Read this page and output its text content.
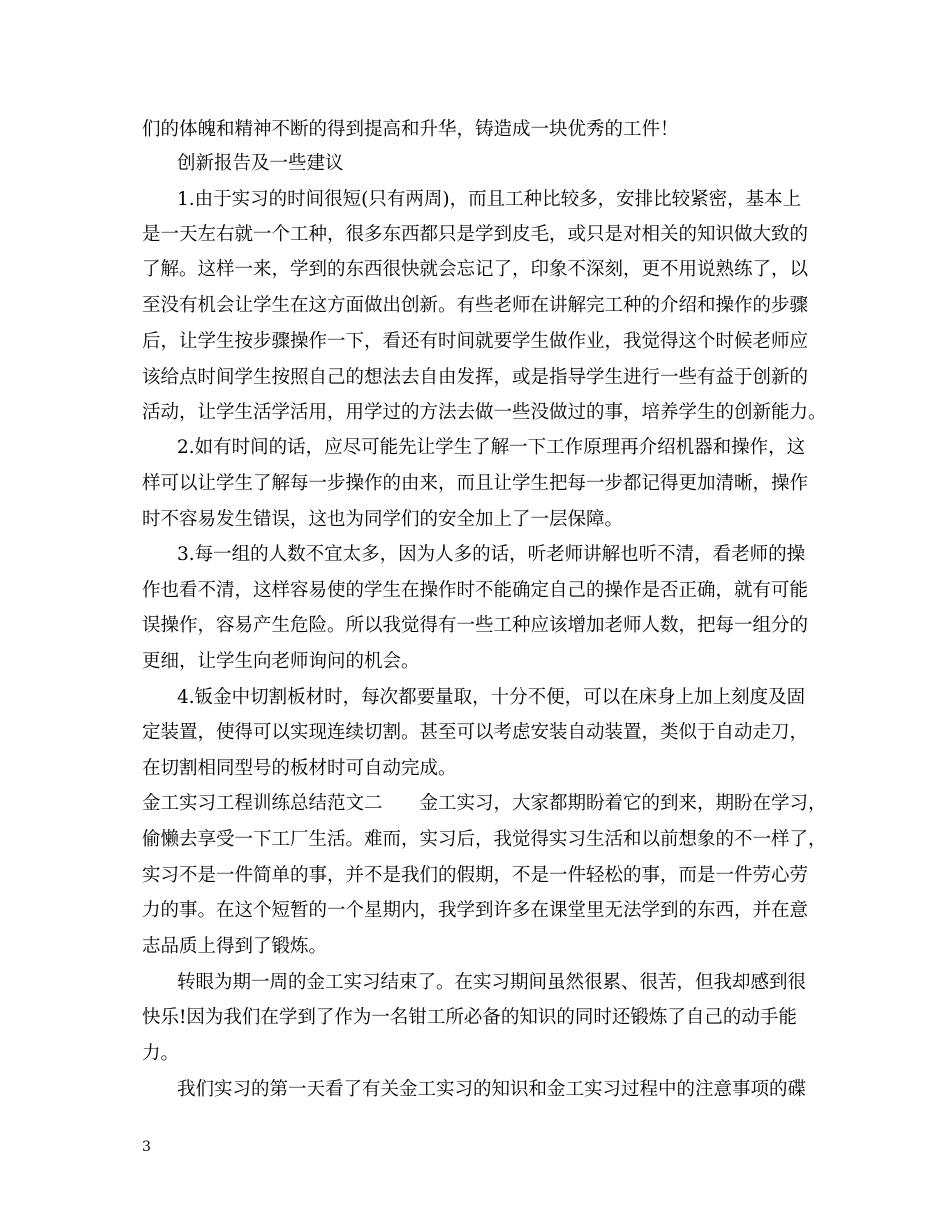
们的体魄和精神不断的得到提高和升华，铸造成一块优秀的工件！
创新报告及一些建议
1.由于实习的时间很短(只有两周)，而且工种比较多，安排比较紧密，基本上
是一天左右就一个工种，很多东西都只是学到皮毛，或只是对相关的知识做大致的
了解。这样一来，学到的东西很快就会忘记了，印象不深刻，更不用说熟练了，以
至没有机会让学生在这方面做出创新。有些老师在讲解完工种的介绍和操作的步骤
后，让学生按步骤操作一下，看还有时间就要学生做作业，我觉得这个时候老师应
该给点时间学生按照自己的想法去自由发挥，或是指导学生进行一些有益于创新的
活动，让学生活学活用，用学过的方法去做一些没做过的事，培养学生的创新能力。
2.如有时间的话，应尽可能先让学生了解一下工作原理再介绍机器和操作，这
样可以让学生了解每一步操作的由来，而且让学生把每一步都记得更加清晰，操作
时不容易发生错误，这也为同学们的安全加上了一层保障。
3.每一组的人数不宜太多，因为人多的话，听老师讲解也听不清，看老师的操
作也看不清，这样容易使的学生在操作时不能确定自己的操作是否正确，就有可能
误操作，容易产生危险。所以我觉得有一些工种应该增加老师人数，把每一组分的
更细，让学生向老师询问的机会。
4.钣金中切割板材时，每次都要量取，十分不便，可以在床身上加上刻度及固
定装置，使得可以实现连续切割。甚至可以考虑安装自动装置，类似于自动走刀，
在切割相同型号的板材时可自动完成。
金工实习工程训练总结范文二　　金工实习，大家都期盼着它的到来，期盼在学习，
偷懒去享受一下工厂生活。难而，实习后，我觉得实习生活和以前想象的不一样了，
实习不是一件简单的事，并不是我们的假期，不是一件轻松的事，而是一件劳心劳
力的事。在这个短暂的一个星期内，我学到许多在课堂里无法学到的东西，并在意
志品质上得到了锻炼。
转眼为期一周的金工实习结束了。在实习期间虽然很累、很苦，但我却感到很
快乐!因为我们在学到了作为一名钳工所必备的知识的同时还锻炼了自己的动手能
力。
我们实习的第一天看了有关金工实习的知识和金工实习过程中的注意事项的碟
3
